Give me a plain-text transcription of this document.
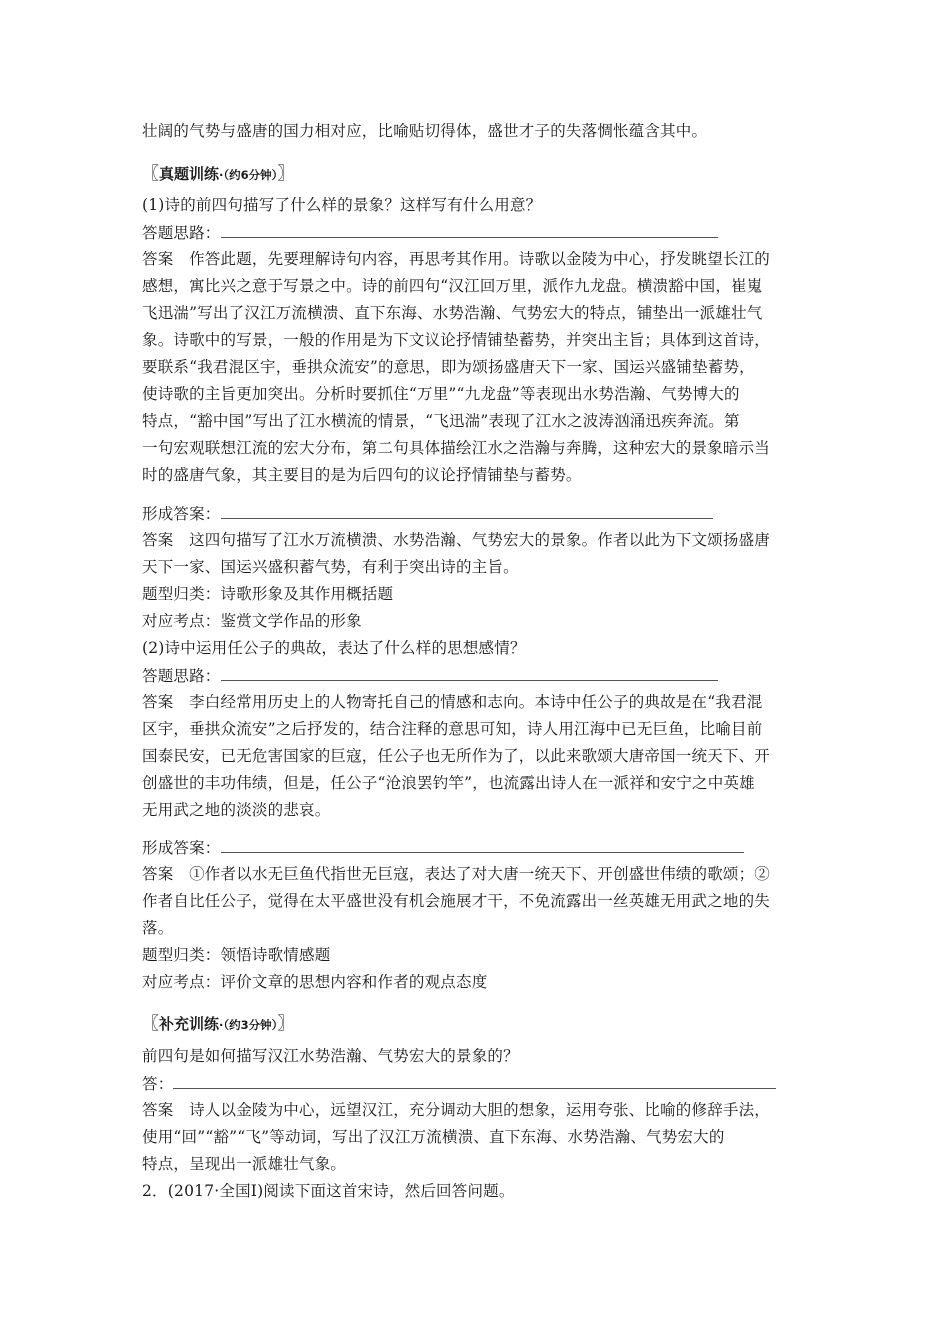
壮阔的气势与盛唐的国力相对应，比喻贴切得体，盛世才子的失落惆怅蕴含其中。
〖真题训练·（约6分钟）〗
(1)诗的前四句描写了什么样的景象？这样写有什么用意？
答题思路：
答案　作答此题，先要理解诗句内容，再思考其作用。诗歌以金陵为中心，抒发眺望长江的
感想，寓比兴之意于写景之中。诗的前四句“汉江回万里，派作九龙盘。横溃豁中国，崔嵬
飞迅湍”写出了汉江万流横溃、直下东海、水势浩瀚、气势宏大的特点，铺垫出一派雄壮气
象。诗歌中的写景，一般的作用是为下文议论抒情铺垫蓄势，并突出主旨；具体到这首诗，
要联系“我君混区宇，垂拱众流安”的意思，即为颂扬盛唐天下一家、国运兴盛铺垫蓄势，
使诗歌的主旨更加突出。分析时要抓住“万里”“九龙盘”等表现出水势浩瀚、气势博大的
特点，“豁中国”写出了江水横流的情景，“飞迅湍”表现了江水之波涛汹涌迅疾奔流。第
一句宏观联想江流的宏大分布，第二句具体描绘江水之浩瀚与奔腾，这种宏大的景象暗示当
时的盛唐气象，其主要目的是为后四句的议论抒情铺垫与蓄势。
形成答案：
答案　这四句描写了江水万流横溃、水势浩瀚、气势宏大的景象。作者以此为下文颂扬盛唐
天下一家、国运兴盛积蓄气势，有利于突出诗的主旨。
题型归类：诗歌形象及其作用概括题
对应考点：鉴赏文学作品的形象
(2)诗中运用任公子的典故，表达了什么样的思想感情？
答题思路：
答案　李白经常用历史上的人物寄托自己的情感和志向。本诗中任公子的典故是在“我君混
区宇，垂拱众流安”之后抒发的，结合注释的意思可知，诗人用江海中已无巨鱼，比喻目前
国泰民安，已无危害国家的巨寇，任公子也无所作为了，以此来歌颂大唐帝国一统天下、开
创盛世的丰功伟绩，但是，任公子“沧浪罢钓竿”，也流露出诗人在一派祥和安宁之中英雄
无用武之地的淡淡的悲哀。
形成答案：
答案　①作者以水无巨鱼代指世无巨寇，表达了对大唐一统天下、开创盛世伟绩的歌颂；②
作者自比任公子，觉得在太平盛世没有机会施展才干，不免流露出一丝英雄无用武之地的失
落。
题型归类：领悟诗歌情感题
对应考点：评价文章的思想内容和作者的观点态度
〖补充训练·（约3分钟）〗
前四句是如何描写汉江水势浩瀚、气势宏大的景象的？
答：
答案　诗人以金陵为中心，远望汉江，充分调动大胆的想象，运用夸张、比喻的修辞手法，
使用“回”“豁”“飞”等动词，写出了汉江万流横溃、直下东海、水势浩瀚、气势宏大的
特点，呈现出一派雄壮气象。
2．(2017·全国Ⅰ)阅读下面这首宋诗，然后回答问题。
